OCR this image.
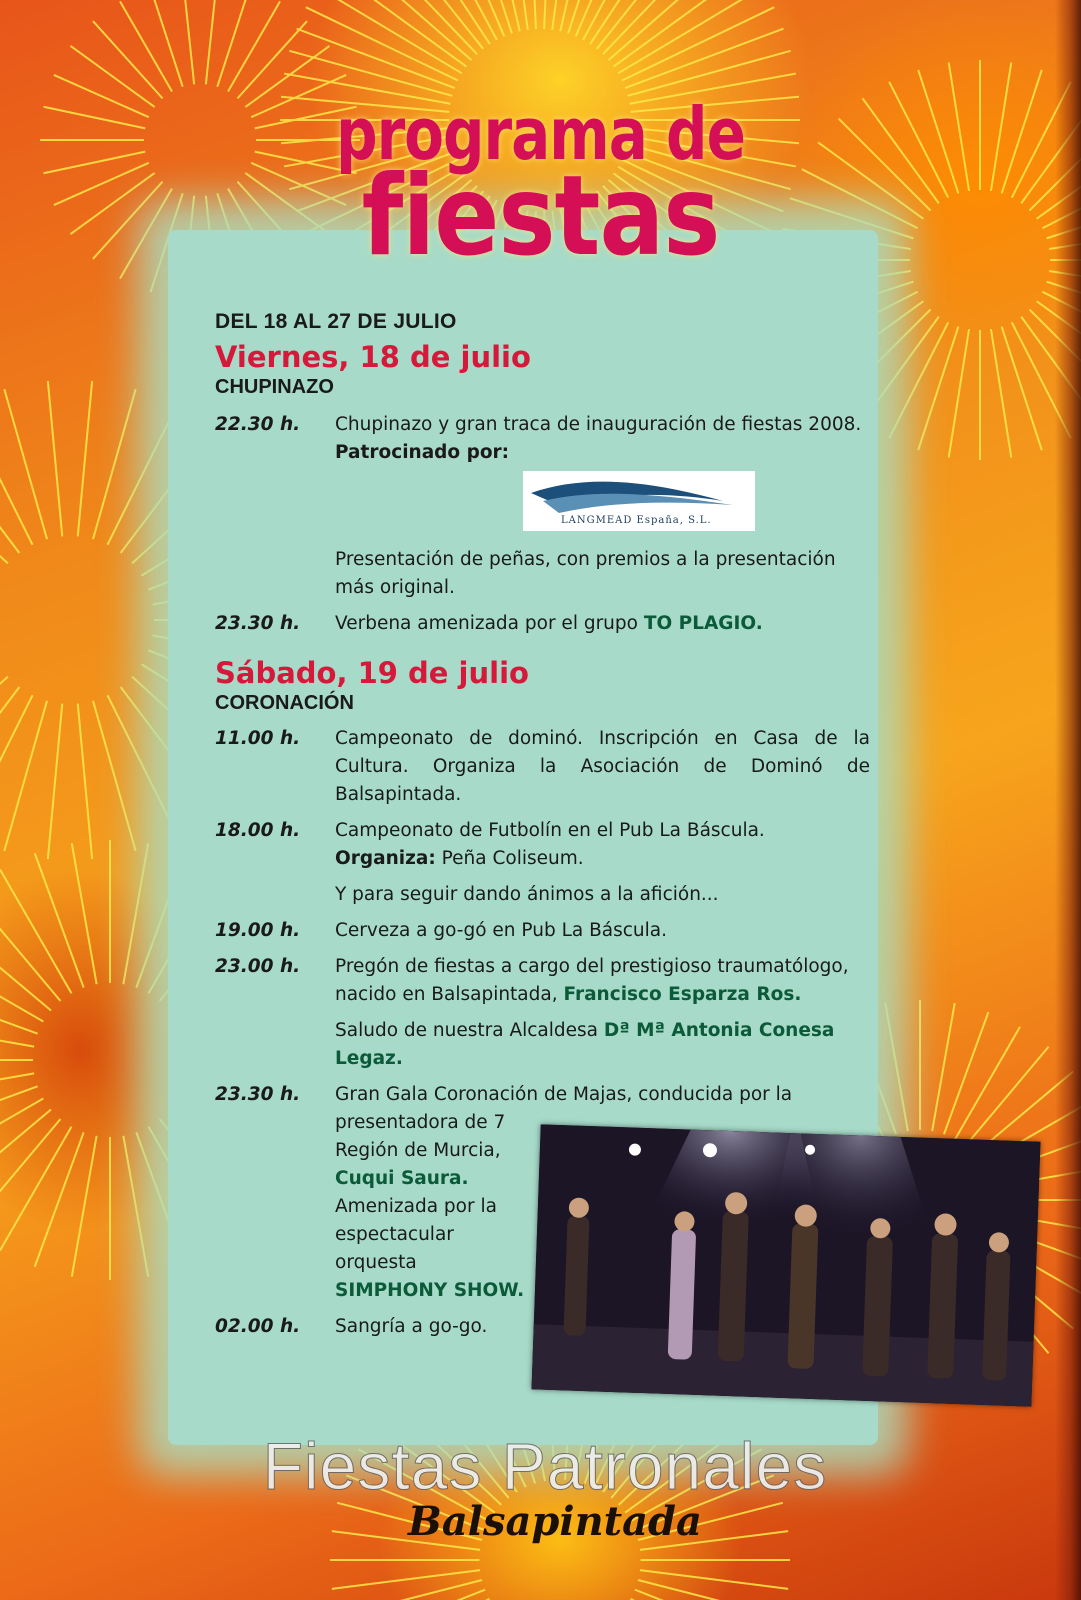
programa de
fiestas
DEL 18 AL 27 DE JULIO
Viernes, 18 de julio
CHUPINAZO
22.30 h. Chupinazo y gran traca de inauguración de fiestas 2008.
Patrocinado por:
LANGMEAD España, S.L.
Presentación de peñas, con premios a la presentación más original.
23.30 h. Verbena amenizada por el grupo TO PLAGIO.
Sábado, 19 de julio
CORONACIÓN
11.00 h. Campeonato de dominó. Inscripción en Casa de la Cultura. Organiza la Asociación de Dominó de Balsapintada.
18.00 h. Campeonato de Futbolín en el Pub La Báscula.
Organiza: Peña Coliseum.
Y para seguir dando ánimos a la afición...
19.00 h. Cerveza a go-gó en Pub La Báscula.
23.00 h. Pregón de fiestas a cargo del prestigioso traumatólogo, nacido en Balsapintada, Francisco Esparza Ros.
Saludo de nuestra Alcaldesa Dª Mª Antonia Conesa Legaz.
23.30 h. Gran Gala Coronación de Majas, conducida por la
presentadora de 7 Región de Murcia, Cuqui Saura. Amenizada por la espectacular orquesta SIMPHONY SHOW.
02.00 h. Sangría a go-go.
Fiestas Patronales
Balsapintada
